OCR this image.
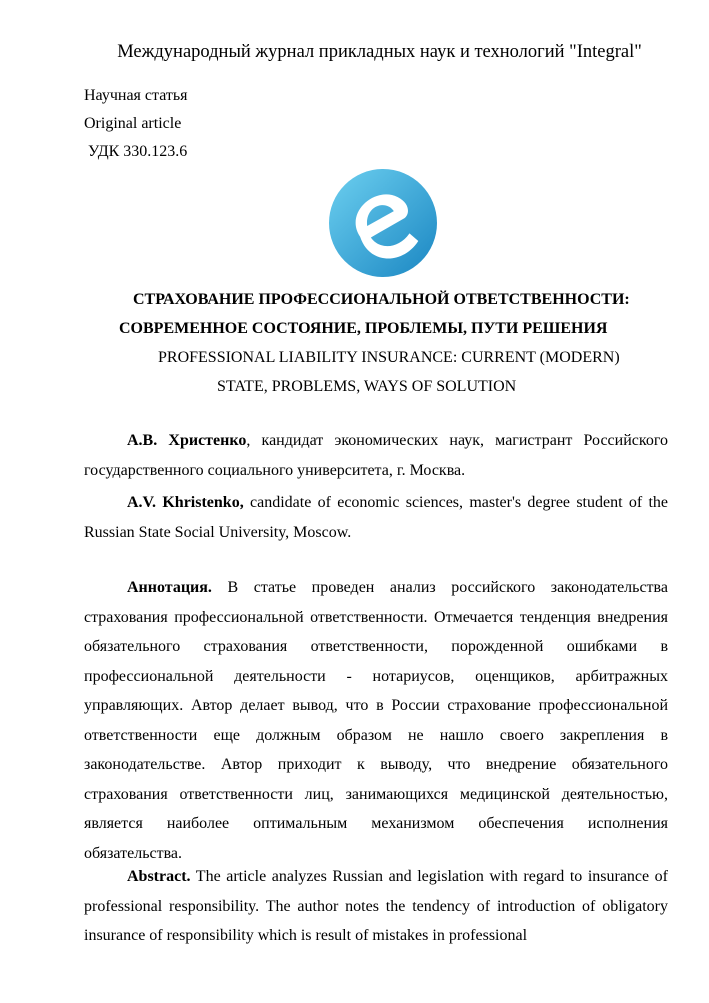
Международный журнал прикладных наук и технологий "Integral"
Научная статья
Original article
УДК 330.123.6
СТРАХОВАНИЕ ПРОФЕССИОНАЛЬНОЙ ОТВЕТСТВЕННОСТИ:
СОВРЕМЕННОЕ СОСТОЯНИЕ, ПРОБЛЕМЫ, ПУТИ РЕШЕНИЯ
PROFESSIONAL LIABILITY INSURANCE: CURRENT (MODERN)
STATE, PROBLEMS, WAYS OF SOLUTION
А.В. Христенко, кандидат экономических наук, магистрант Российского государственного социального университета, г. Москва.
A.V. Khristenko, candidate of economic sciences, master's degree student of the Russian State Social University, Moscow.
Аннотация. В статье проведен анализ российского законодательства страхования профессиональной ответственности. Отмечается тенденция внедрения обязательного страхования ответственности, порожденной ошибками в профессиональной деятельности - нотариусов, оценщиков, арбитражных управляющих. Автор делает вывод, что в России страхование профессиональной ответственности еще должным образом не нашло своего закрепления в законодательстве. Автор приходит к выводу, что внедрение обязательного страхования ответственности лиц, занимающихся медицинской деятельностью, является наиболее оптимальным механизмом обеспечения исполнения обязательства.
Abstract. The article analyzes Russian and legislation with regard to insurance of professional responsibility. The author notes the tendency of introduction of obligatory insurance of responsibility which is result of mistakes in professional
